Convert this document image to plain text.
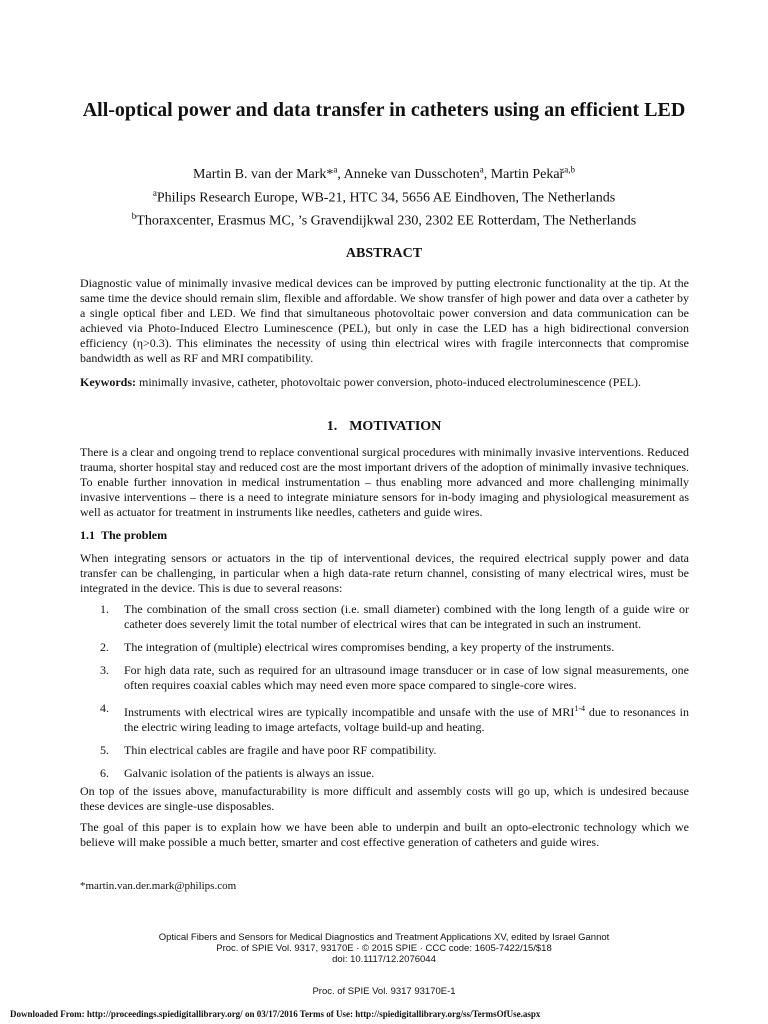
All-optical power and data transfer in catheters using an efficient LED
Martin B. van der Mark*$^a$, Anneke van Dusschoten$^a$, Martin Pekař$^{a,b}$
$^a$Philips Research Europe, WB-21, HTC 34, 5656 AE Eindhoven, The Netherlands
$^b$Thoraxcenter, Erasmus MC, ’s Gravendijkwal 230, 2302 EE Rotterdam, The Netherlands
ABSTRACT

Diagnostic value of minimally invasive medical devices can be improved by putting electronic functionality at the tip. At the same time the device should remain slim, flexible and affordable. We show transfer of high power and data over a catheter by a single optical fiber and LED. We find that simultaneous photovoltaic power conversion and data communication can be achieved via Photo-Induced Electro Luminescence (PEL), but only in case the LED has a high bidirectional conversion efficiency (η>0.3). This eliminates the necessity of using thin electrical wires with fragile interconnects that compromise bandwidth as well as RF and MRI compatibility.

Keywords: minimally invasive, catheter, photovoltaic power conversion, photo-induced electroluminescence (PEL).

1. MOTIVATION

There is a clear and ongoing trend to replace conventional surgical procedures with minimally invasive interventions. Reduced trauma, shorter hospital stay and reduced cost are the most important drivers of the adoption of minimally invasive techniques. To enable further innovation in medical instrumentation – thus enabling more advanced and more challenging minimally invasive interventions – there is a need to integrate miniature sensors for in-body imaging and physiological measurement as well as actuator for treatment in instruments like needles, catheters and guide wires.

1.1 The problem

When integrating sensors or actuators in the tip of interventional devices, the required electrical supply power and data transfer can be challenging, in particular when a high data-rate return channel, consisting of many electrical wires, must be integrated in the device. This is due to several reasons:

1. The combination of the small cross section (i.e. small diameter) combined with the long length of a guide wire or catheter does severely limit the total number of electrical wires that can be integrated in such an instrument.
2. The integration of (multiple) electrical wires compromises bending, a key property of the instruments.
3. For high data rate, such as required for an ultrasound image transducer or in case of low signal measurements, one often requires coaxial cables which may need even more space compared to single-core wires.
4. Instruments with electrical wires are typically incompatible and unsafe with the use of MRI$^{1-4}$ due to resonances in the electric wiring leading to image artefacts, voltage build-up and heating.
5. Thin electrical cables are fragile and have poor RF compatibility.
6. Galvanic isolation of the patients is always an issue.

On top of the issues above, manufacturability is more difficult and assembly costs will go up, which is undesired because these devices are single-use disposables.

The goal of this paper is to explain how we have been able to underpin and built an opto-electronic technology which we believe will make possible a much better, smarter and cost effective generation of catheters and guide wires.

*martin.van.der.mark@philips.com

Optical Fibers and Sensors for Medical Diagnostics and Treatment Applications XV, edited by Israel Gannot
Proc. of SPIE Vol. 9317, 93170E · © 2015 SPIE · CCC code: 1605-7422/15/$18
doi: 10.1117/12.2076044
Proc. of SPIE Vol. 9317 93170E-1
Downloaded From: http://proceedings.spiedigitallibrary.org/ on 03/17/2016 Terms of Use: http://spiedigitallibrary.org/ss/TermsOfUse.aspx
